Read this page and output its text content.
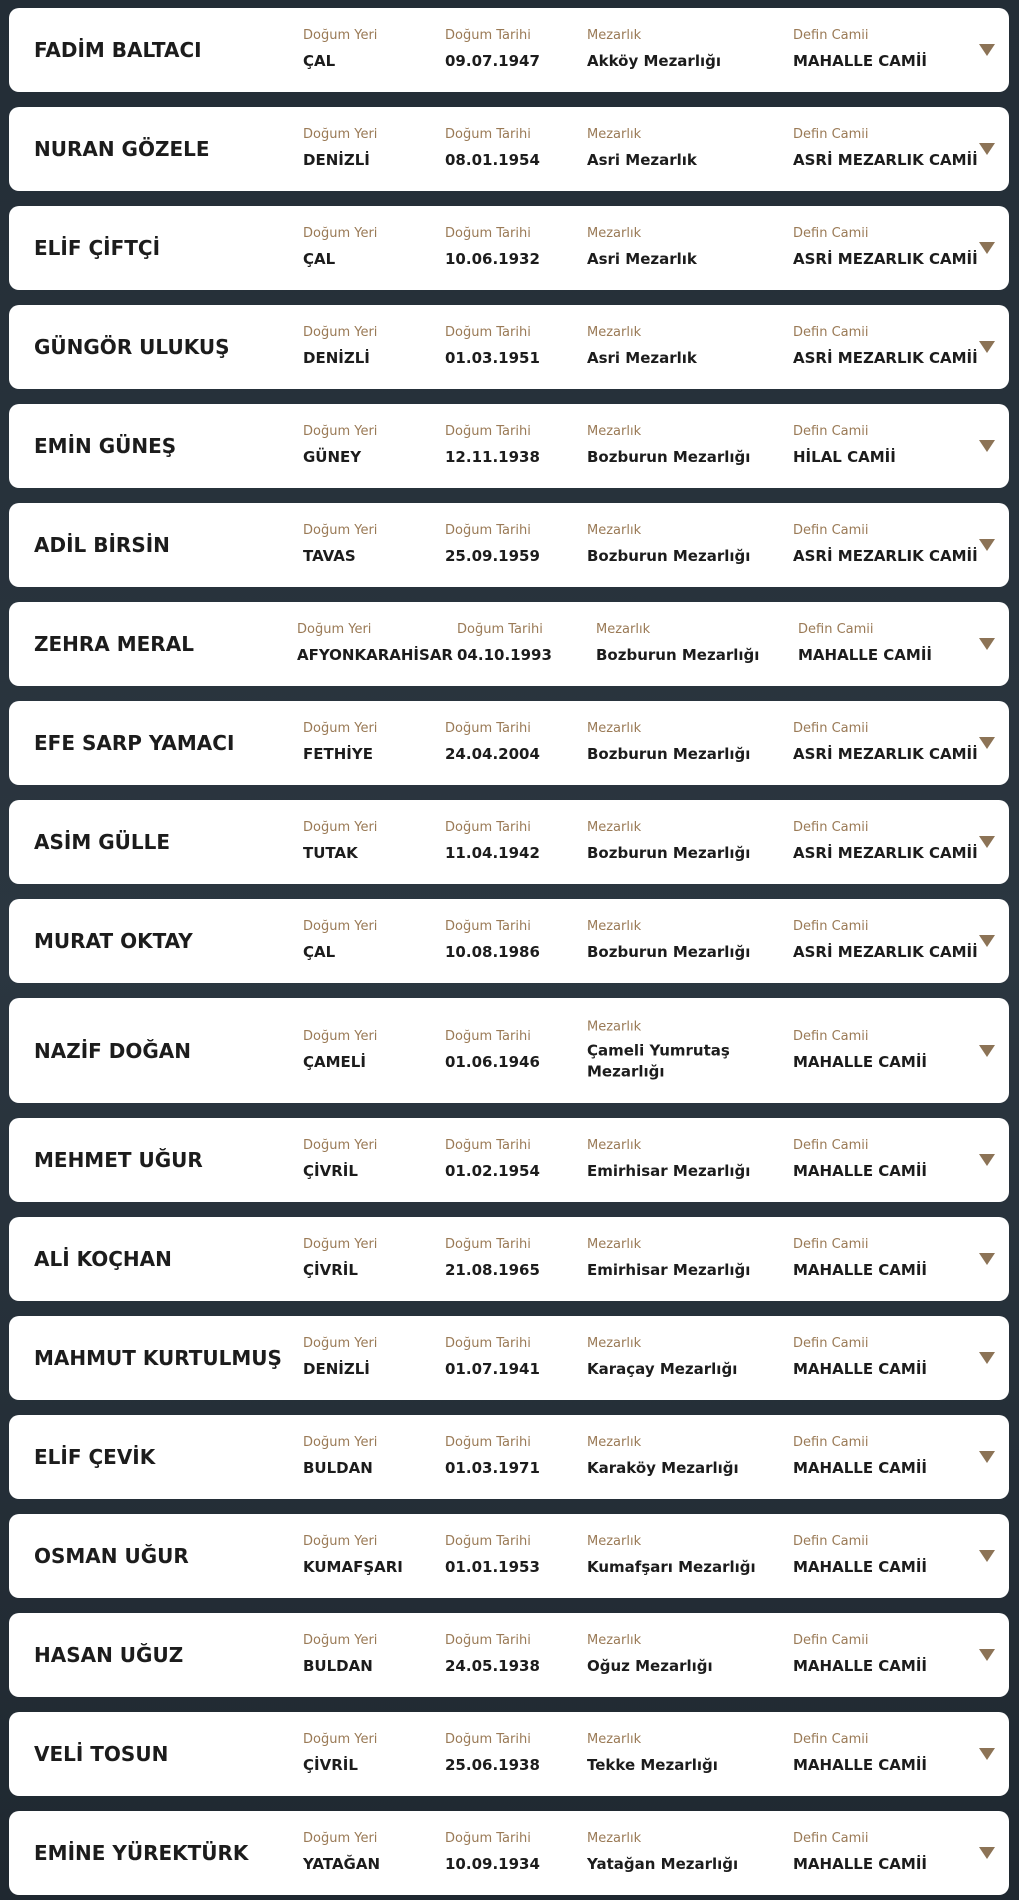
FADİM BALTACI
Doğum Yeri
ÇAL
Doğum Tarihi
09.07.1947
Mezarlık
Akköy Mezarlığı
Defin Camii
MAHALLE CAMİİ
NURAN GÖZELE
Doğum Yeri
DENİZLİ
Doğum Tarihi
08.01.1954
Mezarlık
Asri Mezarlık
Defin Camii
ASRİ MEZARLIK CAMİİ
ELİF ÇİFTÇİ
Doğum Yeri
ÇAL
Doğum Tarihi
10.06.1932
Mezarlık
Asri Mezarlık
Defin Camii
ASRİ MEZARLIK CAMİİ
GÜNGÖR ULUKUŞ
Doğum Yeri
DENİZLİ
Doğum Tarihi
01.03.1951
Mezarlık
Asri Mezarlık
Defin Camii
ASRİ MEZARLIK CAMİİ
EMİN GÜNEŞ
Doğum Yeri
GÜNEY
Doğum Tarihi
12.11.1938
Mezarlık
Bozburun Mezarlığı
Defin Camii
HİLAL CAMİİ
ADİL BİRSİN
Doğum Yeri
TAVAS
Doğum Tarihi
25.09.1959
Mezarlık
Bozburun Mezarlığı
Defin Camii
ASRİ MEZARLIK CAMİİ
ZEHRA MERAL
Doğum Yeri
AFYONKARAHİSAR
Doğum Tarihi
04.10.1993
Mezarlık
Bozburun Mezarlığı
Defin Camii
MAHALLE CAMİİ
EFE SARP YAMACI
Doğum Yeri
FETHİYE
Doğum Tarihi
24.04.2004
Mezarlık
Bozburun Mezarlığı
Defin Camii
ASRİ MEZARLIK CAMİİ
ASİM GÜLLE
Doğum Yeri
TUTAK
Doğum Tarihi
11.04.1942
Mezarlık
Bozburun Mezarlığı
Defin Camii
ASRİ MEZARLIK CAMİİ
MURAT OKTAY
Doğum Yeri
ÇAL
Doğum Tarihi
10.08.1986
Mezarlık
Bozburun Mezarlığı
Defin Camii
ASRİ MEZARLIK CAMİİ
NAZİF DOĞAN
Doğum Yeri
ÇAMELİ
Doğum Tarihi
01.06.1946
Mezarlık
Çameli Yumrutaş Mezarlığı
Defin Camii
MAHALLE CAMİİ
MEHMET UĞUR
Doğum Yeri
ÇİVRİL
Doğum Tarihi
01.02.1954
Mezarlık
Emirhisar Mezarlığı
Defin Camii
MAHALLE CAMİİ
ALİ KOÇHAN
Doğum Yeri
ÇİVRİL
Doğum Tarihi
21.08.1965
Mezarlık
Emirhisar Mezarlığı
Defin Camii
MAHALLE CAMİİ
MAHMUT KURTULMUŞ
Doğum Yeri
DENİZLİ
Doğum Tarihi
01.07.1941
Mezarlık
Karaçay Mezarlığı
Defin Camii
MAHALLE CAMİİ
ELİF ÇEVİK
Doğum Yeri
BULDAN
Doğum Tarihi
01.03.1971
Mezarlık
Karaköy Mezarlığı
Defin Camii
MAHALLE CAMİİ
OSMAN UĞUR
Doğum Yeri
KUMAFŞARI
Doğum Tarihi
01.01.1953
Mezarlık
Kumafşarı Mezarlığı
Defin Camii
MAHALLE CAMİİ
HASAN UĞUZ
Doğum Yeri
BULDAN
Doğum Tarihi
24.05.1938
Mezarlık
Oğuz Mezarlığı
Defin Camii
MAHALLE CAMİİ
VELİ TOSUN
Doğum Yeri
ÇİVRİL
Doğum Tarihi
25.06.1938
Mezarlık
Tekke Mezarlığı
Defin Camii
MAHALLE CAMİİ
EMİNE YÜREKTÜRK
Doğum Yeri
YATAĞAN
Doğum Tarihi
10.09.1934
Mezarlık
Yatağan Mezarlığı
Defin Camii
MAHALLE CAMİİ
